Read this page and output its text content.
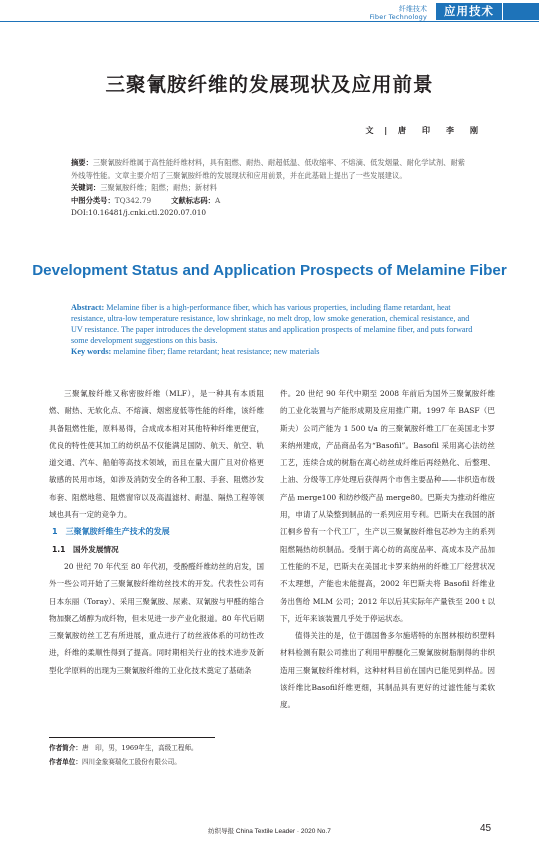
纤维技术
Fiber Technology	应用技术
三聚氰胺纤维的发展现状及应用前景
文 | 唐　印　李　刚
摘要：三聚氰胺纤维属于高性能纤维材料，具有阻燃、耐热、耐超低温、低收缩率、不熔滴、低发烟量、耐化学试剂、耐紫外线等性能。文章主要介绍了三聚氰胺纤维的发展现状和应用前景，并在此基础上提出了一些发展建议。
关键词：三聚氰胺纤维；阻燃；耐热；新材料
中图分类号：TQ342.79	文献标志码：A
DOI:10.16481/j.cnki.ctl.2020.07.010
Development Status and Application Prospects of Melamine Fiber
Abstract: Melamine fiber is a high-performance fiber, which has various properties, including flame retardant, heat resistance, ultra-low temperature resistance, low shrinkage, no melt drop, low smoke generation, chemical resistance, and UV resistance. The paper introduces the development status and application prospects of melamine fiber, and puts forward some development suggestions on this basis.
Key words: melamine fiber; flame retardant; heat resistance; new materials

三聚氰胺纤维又称密胺纤维（MLF），是一种具有本质阻燃、耐热、无软化点、不熔滴、烟密度低等性能的纤维，该纤维具备阻燃性能，原料易得，合成成本相对其他特种纤维更便宜，优良的特性使其加工的纺织品不仅能满足国防、航天、航空、轨道交通、汽车、船舶等高技术领域，而且在量大面广且对价格更敏感的民用市场，如涉及消防安全的各种工服、手套、阻燃沙发布套、阻燃地毯、阻燃窗帘以及高温滤材、耐温、隔热工程等领域也具有一定的竞争力。

1　三聚氰胺纤维生产技术的发展
1.1　国外发展情况

20 世纪 70 年代至 80 年代初，受酚醛纤维纺丝的启发，国外一些公司开始了三聚氰胺纤维纺丝技术的开发。代表性公司有日本东丽（Toray）、采用三聚氰胺、尿素、双氰胺与甲醛的缩合物加聚乙烯醇为成纤物，但未见进一步产业化报道。80 年代后期三聚氰胺纺丝工艺有所进展，重点进行了纺丝液体系的可纺性改进，纤维的柔顺性得到了提高。同时期相关行业的技术进步及新型化学原料的出现为三聚氰胺纤维的工业化技术奠定了基础条

件。20 世纪 90 年代中期至 2008 年前后为国外三聚氰胺纤维的工业化装置与产能形成期及应用推广期。1997 年 BASF（巴斯夫）公司产能为 1 500 t/a 的三聚氰胺纤维工厂在美国北卡罗来纳州建成，产品商品名为“Basofil”。Basofil 采用离心法纺丝工艺，连续合成的树脂在离心纺丝成纤维后再经熟化、后整理、上油、分级等工序处理后获得两个市售主要品种——非织造布级产品 merge100 和纺纱级产品 merge80。巴斯夫为推动纤维应用，申请了从染整到制品的一系列应用专利。巴斯夫在我国的浙江桐乡曾有一个代工厂，生产以三聚氰胺纤维包芯纱为主的系列阻燃隔热纺织制品。受制于离心纺的高度品率、高成本及产品加工性能的不足，巴斯夫在美国北卡罗来纳州的纤维工厂经营状况不太理想，产能也未能提高，2002 年巴斯夫将 Basofil 纤维业务出售给 MLM 公司；2012 年以后其实际年产量铁至 200 t 以下，近年来该装置几乎处于停运状态。

值得关注的是，位于德国鲁多尔施塔特的东图林根纺织塑料材料检测有限公司推出了利用甲醇醚化三聚氰胺树脂制得的非织造用三聚氰胺纤维材料，这种材料目前在国内已能见到样品。因该纤维比Basofil纤维更细，其制品具有更好的过滤性能与柔软度。

作者简介：唐　印，男，1969年生，高级工程师。
作者单位：四川金象赛瑞化工股份有限公司。
纺织导报 China Textile Leader · 2020 No.7	45
